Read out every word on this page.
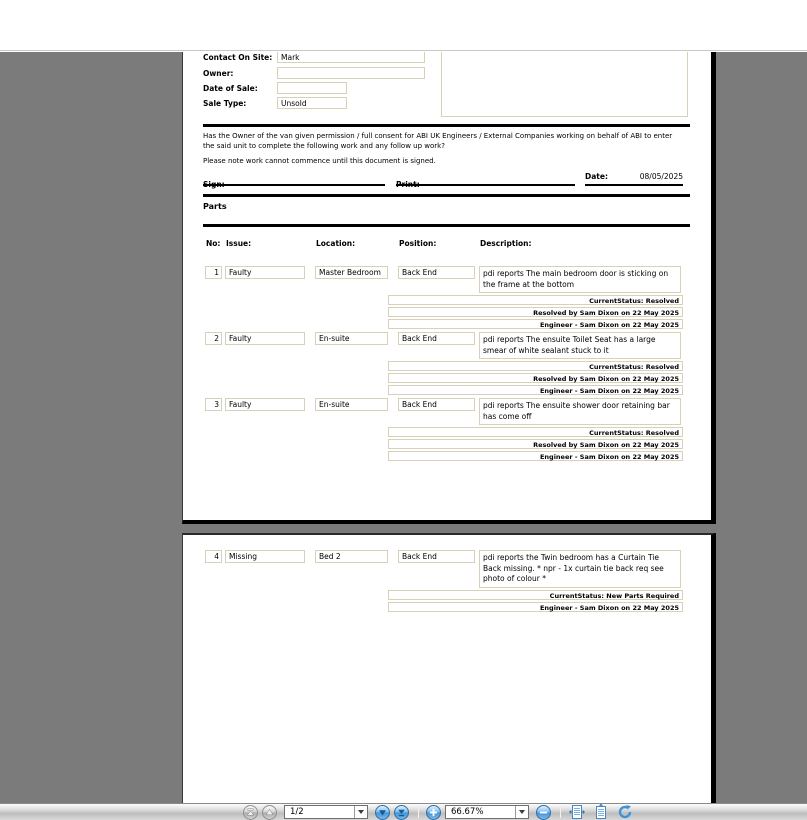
Contact On Site:	Mark
Owner:
Date of Sale:
Sale Type:	Unsold
Has the Owner of the van given permission / full consent for ABI UK Engineers / External Companies working on behalf of ABI to enter the said unit to complete the following work and any follow up work?
Please note work cannot commence until this document is signed.
Sign:	Print:
Date:	08/05/2025
Parts
No: Issue:	Location:	Position:	Description:
1	Faulty	Master Bedroom	Back End	pdi reports The main bedroom door is sticking on the frame at the bottom
CurrentStatus: Resolved
Resolved by Sam Dixon on 22 May 2025
Engineer - Sam Dixon on 22 May 2025
2	Faulty	En-suite	Back End	pdi reports The ensuite Toilet Seat has a large smear of white sealant stuck to it
CurrentStatus: Resolved
Resolved by Sam Dixon on 22 May 2025
Engineer - Sam Dixon on 22 May 2025
3	Faulty	En-suite	Back End	pdi reports The ensuite shower door retaining bar has come off
CurrentStatus: Resolved
Resolved by Sam Dixon on 22 May 2025
Engineer - Sam Dixon on 22 May 2025
4	Missing	Bed 2	Back End	pdi reports the Twin bedroom has a Curtain Tie Back missing. * npr - 1x curtain tie back req see photo of colour *
CurrentStatus: New Parts Required
Engineer - Sam Dixon on 22 May 2025
1/2	66.67%
